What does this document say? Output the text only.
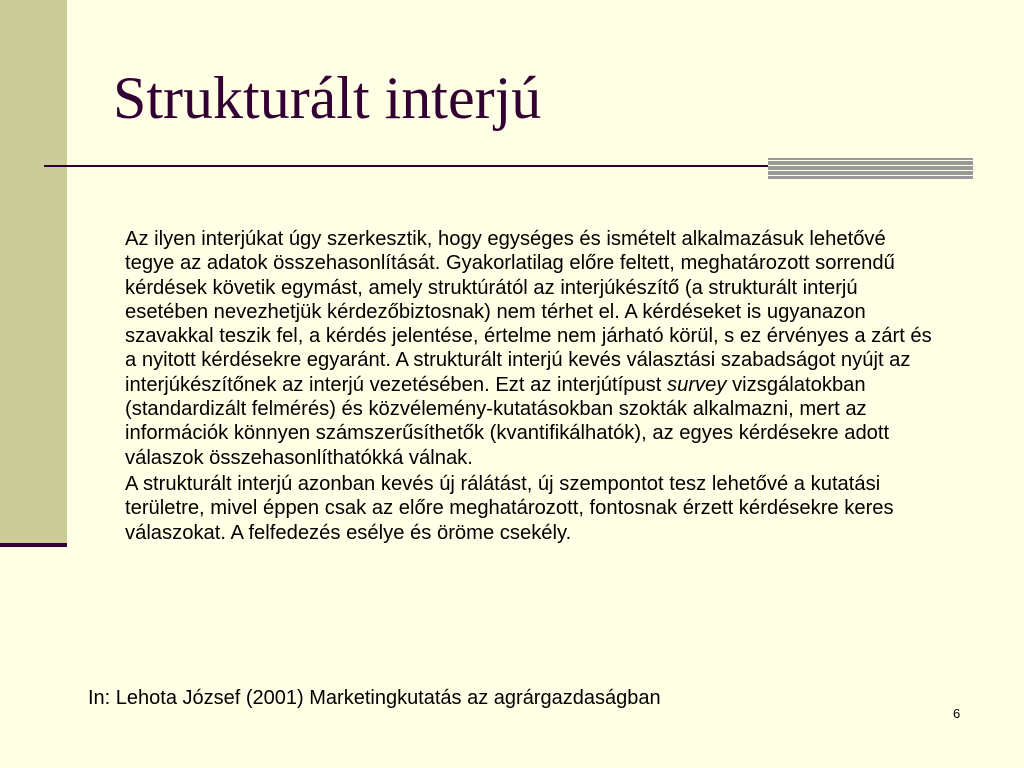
Strukturált interjú

Az ilyen interjúkat úgy szerkesztik, hogy egységes és ismételt alkalmazásuk lehetővé tegye az adatok összehasonlítását. Gyakorlatilag előre feltett, meghatározott sorrendű kérdések követik egymást, amely struktúrától az interjúkészítő (a strukturált interjú esetében nevezhetjük kérdezőbiztosnak) nem térhet el. A kérdéseket is ugyanazon szavakkal teszik fel, a kérdés jelentése, értelme nem járható körül, s ez érvényes a zárt és a nyitott kérdésekre egyaránt. A strukturált interjú kevés választási szabadságot nyújt az interjúkészítőnek az interjú vezetésében. Ezt az interjútípust survey vizsgálatokban (standardizált felmérés) és közvélemény-kutatásokban szokták alkalmazni, mert az információk könnyen számszerűsíthetők (kvantifikálhatók), az egyes kérdésekre adott válaszok összehasonlíthatókká válnak.

A strukturált interjú azonban kevés új rálátást, új szempontot tesz lehetővé a kutatási területre, mivel éppen csak az előre meghatározott, fontosnak érzett kérdésekre keres válaszokat. A felfedezés esélye és öröme csekély.

In: Lehota József (2001) Marketingkutatás az agrárgazdaságban
6
